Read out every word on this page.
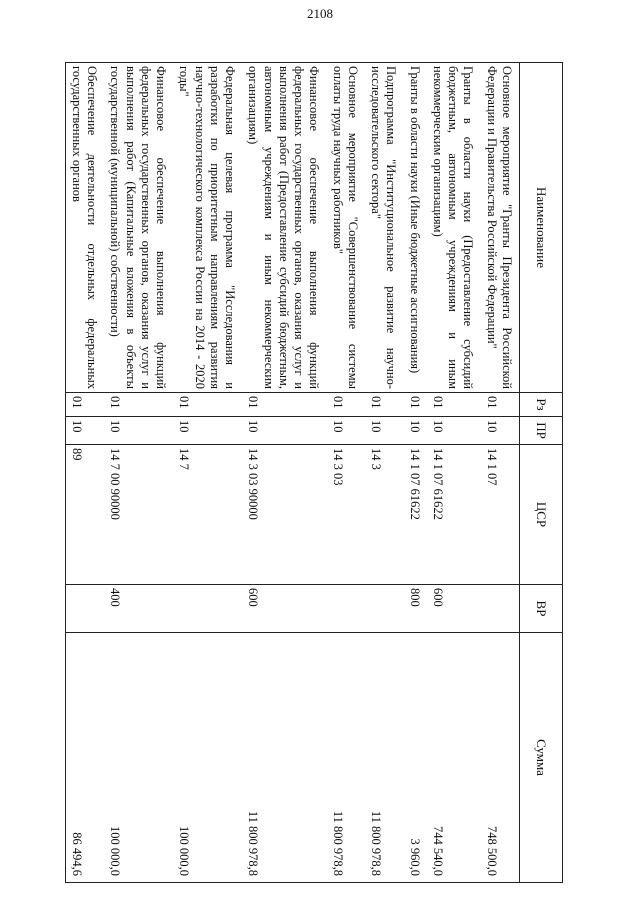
2108
Наименование	Рз	ПР	ЦСР	ВР	Сумма
Основное мероприятие "Гранты Президента Российской Федерации и Правительства Российской Федерации"	01	10	14 1 07		748 500,0
Гранты в области науки (Предоставление субсидий бюджетным, автономным учреждениям и иным некоммерческим организациям)	01	10	14 1 07 61622	600	744 540,0
Гранты в области науки (Иные бюджетные ассигнования)	01	10	14 1 07 61622	800	3 960,0
Подпрограмма "Институциональное развитие научно-исследовательского сектора"	01	10	14 3		11 800 978,8
Основное мероприятие "Совершенствование системы оплаты труда научных работников"	01	10	14 3 03		11 800 978,8
Финансовое обеспечение выполнения функций федеральных государственных органов, оказания услуг и выполнения работ (Предоставление субсидий бюджетным, автономным учреждениям и иным некоммерческим организациям)	01	10	14 3 03 90000	600	11 800 978,8
Федеральная целевая программа "Исследования и разработки по приоритетным направлениям развития научно-технологического комплекса России на 2014 - 2020 годы"	01	10	14 7		100 000,0
Финансовое обеспечение выполнения функций федеральных государственных органов, оказания услуг и выполнения работ (Капитальные вложения в объекты государственной (муниципальной) собственности)	01	10	14 7 00 90000	400	100 000,0
Обеспечение деятельности отдельных федеральных государственных органов	01	10	89		86 494,6
